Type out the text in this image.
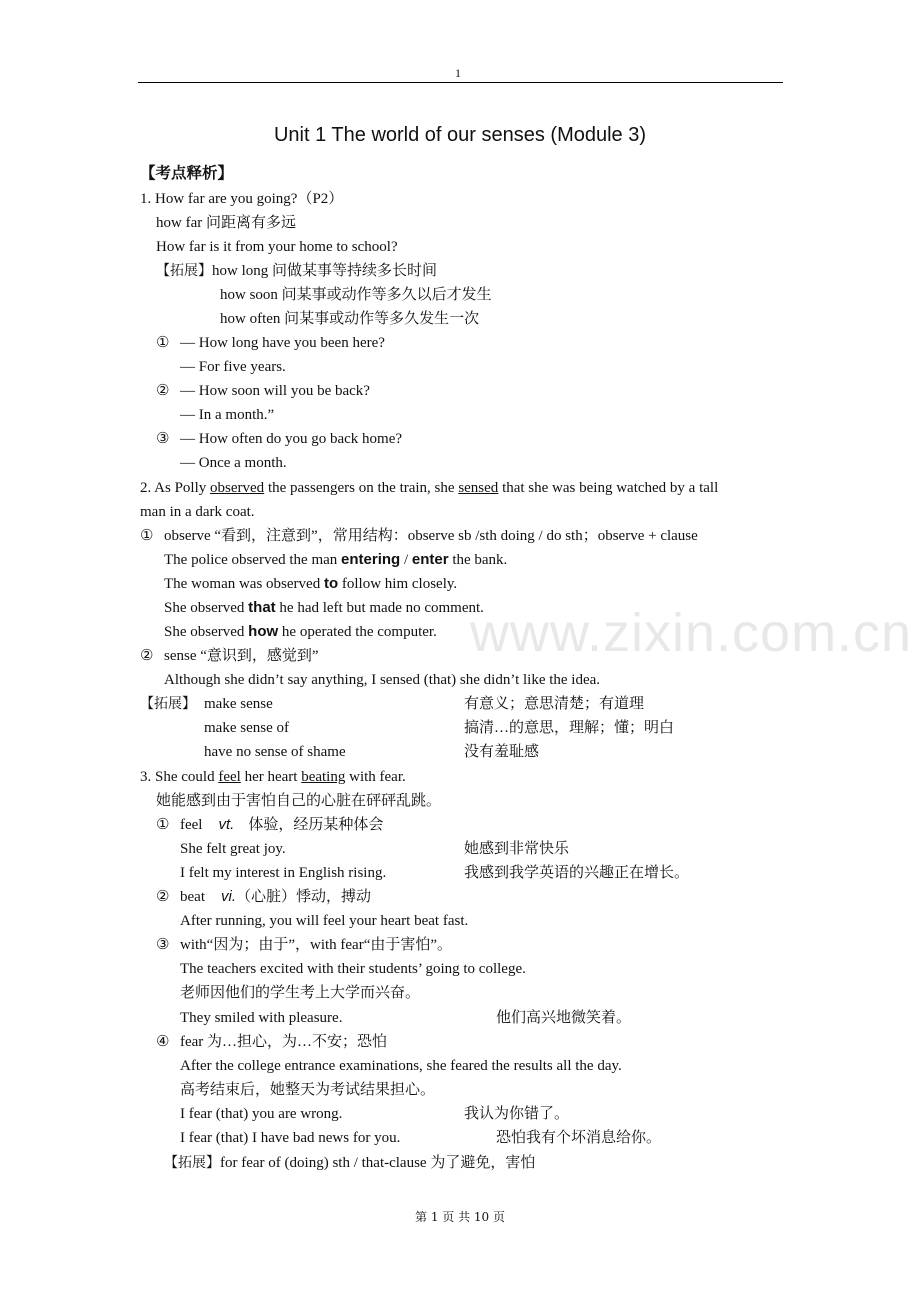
1
Unit 1 The world of our senses (Module 3)
【考点释析】
1. How far are you going?（P2）
how far 问距离有多远
How far is it from your home to school?
【拓展】how long 问做某事等持续多长时间
how soon 问某事或动作等多久以后才发生
how often 问某事或动作等多久发生一次
① — How long have you been here?
— For five years.
② — How soon will you be back?
— In a month.”
③ — How often do you go back home?
— Once a month.
2. As Polly observed the passengers on the train, she sensed that she was being watched by a tall
man in a dark coat.
① observe “看到，注意到”，常用结构：observe sb /sth doing / do sth；observe + clause
The police observed the man entering / enter the bank.
The woman was observed to follow him closely.
She observed that he had left but made no comment.
She observed how he operated the computer.
② sense “意识到，感觉到”
Although she didn’t say anything, I sensed (that) she didn’t like the idea.
【拓展】 make sense	有意义；意思清楚；有道理
make sense of	搞清…的意思，理解；懂；明白
have no sense of shame	没有羞耻感
3. She could feel her heart beating with fear.
她能感到由于害怕自己的心脏在砰砰乱跳。
① feel vt. 体验，经历某种体会
She felt great joy.	她感到非常快乐
I felt my interest in English rising.	我感到我学英语的兴趣正在增长。
② beat vi.（心脏）悸动，搏动
After running, you will feel your heart beat fast.
③ with“因为；由于”，with fear“由于害怕”。
The teachers excited with their students’ going to college.
老师因他们的学生考上大学而兴奋。
They smiled with pleasure.	他们高兴地微笑着。
④ fear 为…担心，为…不安；恐怕
After the college entrance examinations, she feared the results all the day.
高考结束后，她整天为考试结果担心。
I fear (that) you are wrong.	我认为你错了。
I fear (that) I have bad news for you.	恐怕我有个坏消息给你。
【拓展】for fear of (doing) sth / that-clause 为了避免，害怕
www.zixin.com.cn
第 1 页 共 10 页
